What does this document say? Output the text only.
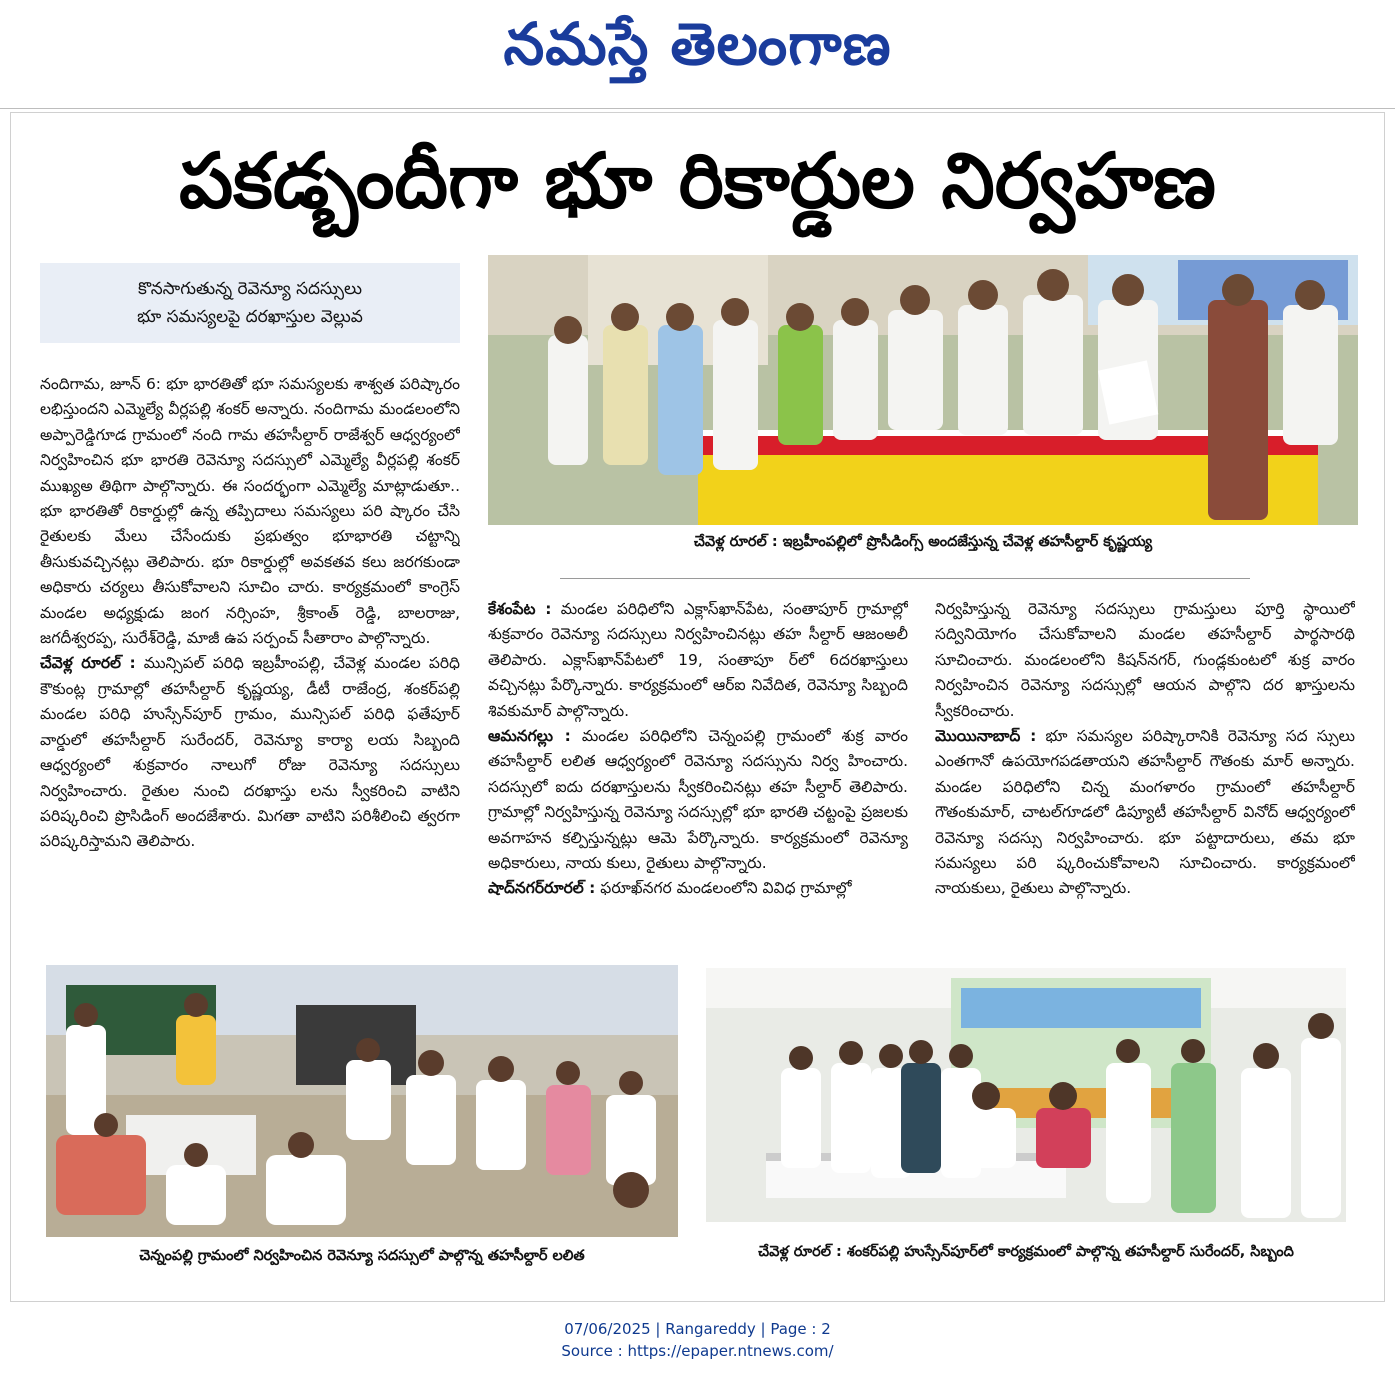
నమస్తే తెలంగాణ
పకడ్బందీగా భూ రికార్డుల నిర్వహణ
కొనసాగుతున్న రెవెన్యూ సదస్సులు
భూ సమస్యలపై దరఖాస్తుల వెల్లువ

నందిగామ, జూన్ 6: భూ భారతితో భూ సమస్యలకు శాశ్వత పరిష్కారం లభిస్తుందని ఎమ్మెల్యే వీర్లపల్లి శంకర్ అన్నారు. నందిగామ మండలంలోని అప్పారెడ్డిగూడ గ్రామంలో నంది గామ తహసీల్దార్ రాజేశ్వర్ ఆధ్వర్యంలో నిర్వహించిన భూ భారతి రెవెన్యూ సదస్సులో ఎమ్మెల్యే వీర్లపల్లి శంకర్ ముఖ్యఅ తిథిగా పాల్గొన్నారు. ఈ సందర్భంగా ఎమ్మెల్యే మాట్లాడుతూ.. భూ భారతితో రికార్డుల్లో ఉన్న తప్పిదాలు సమస్యలు పరి ష్కారం చేసి రైతులకు మేలు చేసేందుకు ప్రభుత్వం భూభారతి చట్టాన్ని తీసుకువచ్చినట్లు తెలిపారు. భూ రికార్డుల్లో అవకతవ కలు జరగకుండా అధికారు చర్యలు తీసుకోవాలని సూచిం చారు. కార్యక్రమంలో కాంగ్రెస్ మండల అధ్యక్షుడు జంగ నర్సింహ, శ్రీకాంత్ రెడ్డి, బాలరాజు, జగదీశ్వరప్ప, సురేశ్‌రెడ్డి, మాజీ ఉప సర్పంచ్ సీతారాం పాల్గొన్నారు.

చేవెళ్ల రూరల్ : మున్సిపల్ పరిధి ఇబ్రహీంపల్లి, చేవెళ్ల మండల పరిధి కౌకుంట్ల గ్రామాల్లో తహసీల్దార్ కృష్ణయ్య, డీటీ రాజేంద్ర, శంకర్‌పల్లి మండల పరిధి హుస్సేన్‌పూర్ గ్రామం, మున్సిపల్ పరిధి ఫతేపూర్ వార్డులో తహసీల్దార్ సురేందర్, రెవెన్యూ కార్యా లయ సిబ్బంది ఆధ్వర్యంలో శుక్రవారం నాలుగో రోజు రెవెన్యూ సదస్సులు నిర్వహించారు. రైతుల నుంచి దరఖాస్తు లను స్వీకరించి వాటిని పరిష్కరించి ప్రొసిడింగ్ అందజేశారు. మిగతా వాటిని పరిశీలించి త్వరగా పరిష్కరిస్తామని తెలిపారు.

చేవెళ్ల రూరల్ : ఇబ్రహీంపల్లిలో ప్రొసీడింగ్స్ అందజేస్తున్న చేవెళ్ల తహసీల్దార్ కృష్ణయ్య

కేశంపేట : మండల పరిధిలోని ఎక్లాస్‌ఖాన్‌పేట, సంతాపూర్ గ్రామాల్లో శుక్రవారం రెవెన్యూ సదస్సులు నిర్వహించినట్లు తహ సీల్దార్ ఆజంఅలీ తెలిపారు. ఎక్లాస్‌ఖాన్‌పేటలో 19, సంతాపూ ర్‌లో 6దరఖాస్తులు వచ్చినట్లు పేర్కొన్నారు. కార్యక్రమంలో ఆర్ఐ నివేదిత, రెవెన్యూ సిబ్బంది శివకుమార్ పాల్గొన్నారు.

ఆమనగల్లు : మండల పరిధిలోని చెన్నంపల్లి గ్రామంలో శుక్ర వారం తహసీల్దార్ లలిత ఆధ్వర్యంలో రెవెన్యూ సదస్సును నిర్వ హించారు. సదస్సులో ఐదు దరఖాస్తులను స్వీకరించినట్లు తహ సీల్దార్ తెలిపారు. గ్రామాల్లో నిర్వహిస్తున్న రెవెన్యూ సదస్సుల్లో భూ భారతి చట్టంపై ప్రజలకు అవగాహన కల్పిస్తున్నట్లు ఆమె పేర్కొన్నారు. కార్యక్రమంలో రెవెన్యూ అధికారులు, నాయ కులు, రైతులు పాల్గొన్నారు.

షాద్‌నగర్‌రూరల్ : ఫరూఖ్‌నగర మండలంలోని వివిధ గ్రామాల్లో

నిర్వహిస్తున్న రెవెన్యూ సదస్సులు గ్రామస్తులు పూర్తి స్థాయిలో సద్వినియోగం చేసుకోవాలని మండల తహసీల్దార్ పార్థసారథి సూచించారు. మండలంలోని కిషన్‌నగర్, గుండ్లకుంటలో శుక్ర వారం నిర్వహించిన రెవెన్యూ సదస్సుల్లో ఆయన పాల్గొని దర ఖాస్తులను స్వీకరించారు.

మొయినాబాద్ : భూ సమస్యల పరిష్కారానికి రెవెన్యూ సద స్సులు ఎంతగానో ఉపయోగపడతాయని తహసీల్దార్ గౌతంకు మార్ అన్నారు. మండల పరిధిలోని చిన్న మంగళారం గ్రామంలో తహసీల్దార్ గౌతంకుమార్, చాటల్‌గూడలో డిప్యూటీ తహసీల్దార్ వినోద్ ఆధ్వర్యంలో రెవెన్యూ సదస్సు నిర్వహించారు. భూ పట్టాదారులు, తమ భూ సమస్యలు పరి ష్కరించుకోవాలని సూచించారు. కార్యక్రమంలో నాయకులు, రైతులు పాల్గొన్నారు.

చెన్నంపల్లి గ్రామంలో నిర్వహించిన రెవెన్యూ సదస్సులో పాల్గొన్న తహసీల్దార్ లలిత	చేవెళ్ల రూరల్ : శంకర్‌పల్లి హుస్సేన్‌పూర్‌లో కార్యక్రమంలో పాల్గొన్న తహసీల్దార్ సురేందర్, సిబ్బంది
07/06/2025 | Rangareddy | Page : 2
Source : https://epaper.ntnews.com/
